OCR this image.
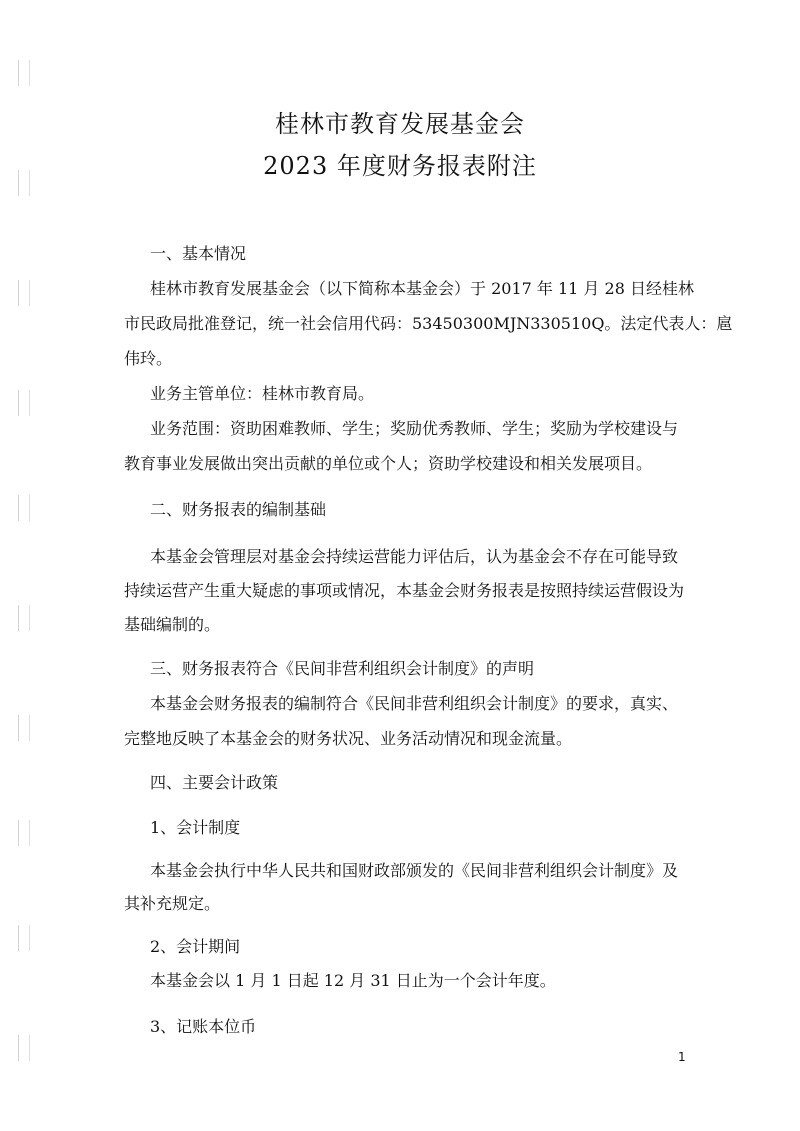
桂林市教育发展基金会
2023 年度财务报表附注
一、基本情况
桂林市教育发展基金会（以下简称本基金会）于 2017 年 11 月 28 日经桂林
市民政局批准登记，统一社会信用代码：53450300MJN330510Q。法定代表人：扈
伟玲。
业务主管单位：桂林市教育局。
业务范围：资助困难教师、学生；奖励优秀教师、学生；奖励为学校建设与
教育事业发展做出突出贡献的单位或个人；资助学校建设和相关发展项目。
二、财务报表的编制基础
本基金会管理层对基金会持续运营能力评估后，认为基金会不存在可能导致
持续运营产生重大疑虑的事项或情况，本基金会财务报表是按照持续运营假设为
基础编制的。
三、财务报表符合《民间非营利组织会计制度》的声明
本基金会财务报表的编制符合《民间非营利组织会计制度》的要求，真实、
完整地反映了本基金会的财务状况、业务活动情况和现金流量。
四、主要会计政策
1、会计制度
本基金会执行中华人民共和国财政部颁发的《民间非营利组织会计制度》及
其补充规定。
2、会计期间
本基金会以 1 月 1 日起 12 月 31 日止为一个会计年度。
3、记账本位币
1
